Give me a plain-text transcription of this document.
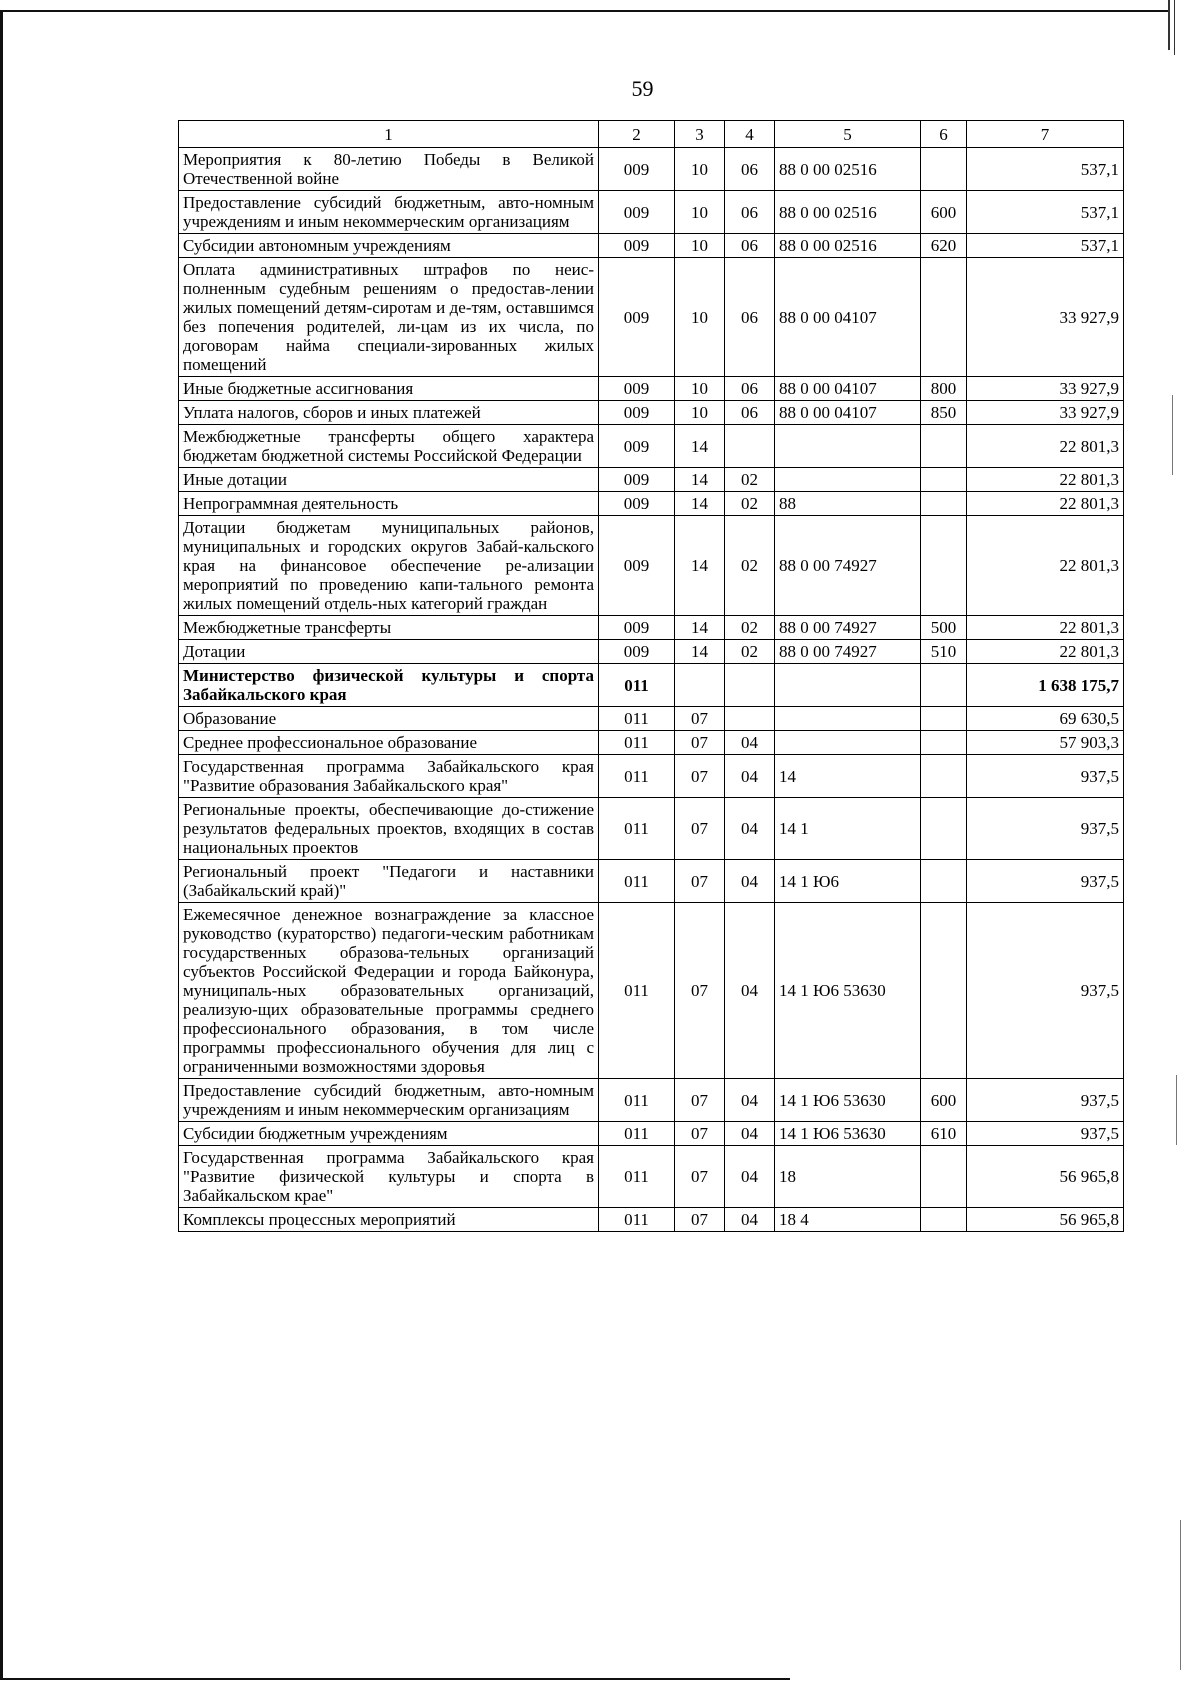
59
1	2	3	4	5	6	7
Мероприятия к 80-летию Победы в Великой Отечественной войне	009	10	06	88 0 00 02516		537,1
Предоставление субсидий бюджетным, авто-номным учреждениям и иным некоммерческим организациям	009	10	06	88 0 00 02516	600	537,1
Субсидии автономным учреждениям	009	10	06	88 0 00 02516	620	537,1
Оплата административных штрафов по неис-полненным судебным решениям о предостав-лении жилых помещений детям-сиротам и де-тям, оставшимся без попечения родителей, ли-цам из их числа, по договорам найма специали-зированных жилых помещений	009	10	06	88 0 00 04107		33 927,9
Иные бюджетные ассигнования	009	10	06	88 0 00 04107	800	33 927,9
Уплата налогов, сборов и иных платежей	009	10	06	88 0 00 04107	850	33 927,9
Межбюджетные трансферты общего характера бюджетам бюджетной системы Российской Федерации	009	14				22 801,3
Иные дотации	009	14	02			22 801,3
Непрограммная деятельность	009	14	02	88		22 801,3
Дотации бюджетам муниципальных районов, муниципальных и городских округов Забай-кальского края на финансовое обеспечение ре-ализации мероприятий по проведению капи-тального ремонта жилых помещений отдель-ных категорий граждан	009	14	02	88 0 00 74927		22 801,3
Межбюджетные трансферты	009	14	02	88 0 00 74927	500	22 801,3
Дотации	009	14	02	88 0 00 74927	510	22 801,3
Министерство физической культуры и спорта Забайкальского края	011					1 638 175,7
Образование	011	07				69 630,5
Среднее профессиональное образование	011	07	04			57 903,3
Государственная программа Забайкальского края "Развитие образования Забайкальского края"	011	07	04	14		937,5
Региональные проекты, обеспечивающие до-стижение результатов федеральных проектов, входящих в состав национальных проектов	011	07	04	14 1		937,5
Региональный проект "Педагоги и наставники (Забайкальский край)"	011	07	04	14 1 Ю6		937,5
Ежемесячное денежное вознаграждение за классное руководство (кураторство) педагоги-ческим работникам государственных образова-тельных организаций субъектов Российской Федерации и города Байконура, муниципаль-ных образовательных организаций, реализую-щих образовательные программы среднего профессионального образования, в том числе программы профессионального обучения для лиц с ограниченными возможностями здоровья	011	07	04	14 1 Ю6 53630		937,5
Предоставление субсидий бюджетным, авто-номным учреждениям и иным некоммерческим организациям	011	07	04	14 1 Ю6 53630	600	937,5
Субсидии бюджетным учреждениям	011	07	04	14 1 Ю6 53630	610	937,5
Государственная программа Забайкальского края "Развитие физической культуры и спорта в Забайкальском крае"	011	07	04	18		56 965,8
Комплексы процессных мероприятий	011	07	04	18 4		56 965,8
